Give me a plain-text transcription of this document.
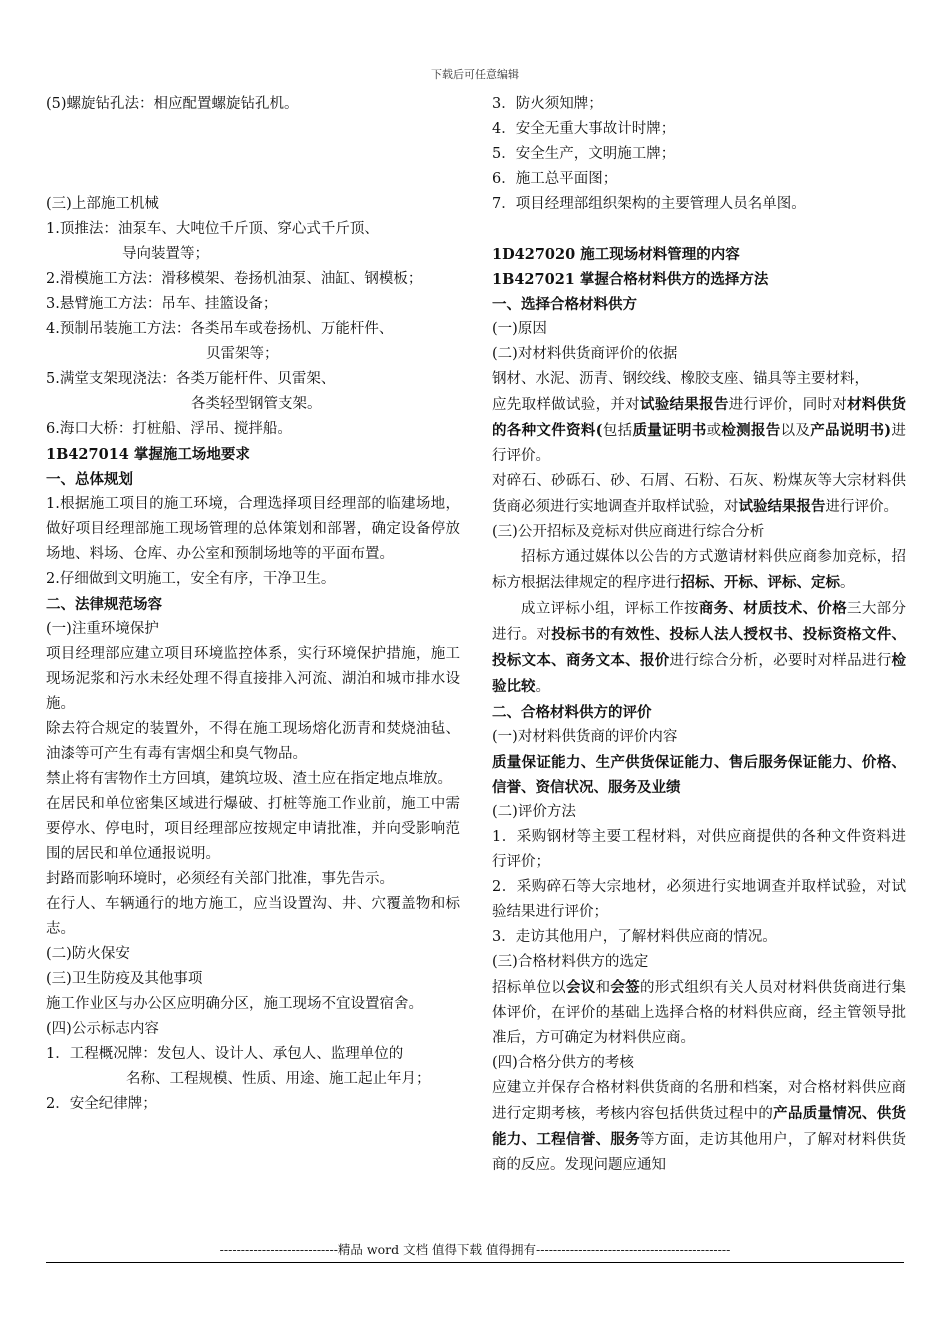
下载后可任意编辑
(5)螺旋钻孔法：相应配置螺旋钻孔机。
(三)上部施工机械
1.顶推法：油泵车、大吨位千斤顶、穿心式千斤顶、
导向装置等；
2.滑模施工方法：滑移模架、卷扬机油泵、油缸、钢模板；
3.悬臂施工方法：吊车、挂篮设备；
4.预制吊装施工方法：各类吊车或卷扬机、万能杆件、
贝雷架等；
5.满堂支架现浇法：各类万能杆件、贝雷架、
各类轻型钢管支架。
6.海口大桥：打桩船、浮吊、搅拌船。
1B427014 掌握施工场地要求
一、总体规划
1.根据施工项目的施工环境，合理选择项目经理部的临建场地，做好项目经理部施工现场管理的总体策划和部署，确定设备停放场地、料场、仓库、办公室和预制场地等的平面布置。
2.仔细做到文明施工，安全有序，干净卫生。
二、法律规范场容
(一)注重环境保护
项目经理部应建立项目环境监控体系，实行环境保护措施，施工现场泥浆和污水未经处理不得直接排入河流、湖泊和城市排水设施。
除去符合规定的装置外，不得在施工现场熔化沥青和焚烧油毡、油漆等可产生有毒有害烟尘和臭气物品。
禁止将有害物作土方回填，建筑垃圾、渣土应在指定地点堆放。
在居民和单位密集区域进行爆破、打桩等施工作业前，施工中需要停水、停电时，项目经理部应按规定申请批准，并向受影响范围的居民和单位通报说明。
封路而影响环境时，必须经有关部门批准，事先告示。
在行人、车辆通行的地方施工，应当设置沟、井、穴覆盖物和标志。
(二)防火保安
(三)卫生防疫及其他事项
施工作业区与办公区应明确分区，施工现场不宜设置宿舍。
(四)公示标志内容
1．工程概况牌：发包人、设计人、承包人、监理单位的
名称、工程规模、性质、用途、施工起止年月；
2．安全纪律牌；
3．防火须知牌；
4．安全无重大事故计时牌；
5．安全生产，文明施工牌；
6．施工总平面图；
7．项目经理部组织架构的主要管理人员名单图。
1D427020 施工现场材料管理的内容
1B427021 掌握合格材料供方的选择方法
一、选择合格材料供方
(一)原因
(二)对材料供货商评价的依据
钢材、水泥、沥青、钢绞线、橡胶支座、锚具等主要材料，
应先取样做试验，并对试验结果报告进行评价，同时对材料供货的各种文件资料(包括质量证明书或检测报告以及产品说明书)进行评价。
对碎石、砂砾石、砂、石屑、石粉、石灰、粉煤灰等大宗材料供货商必须进行实地调查并取样试验，对试验结果报告进行评价。
(三)公开招标及竞标对供应商进行综合分析
招标方通过媒体以公告的方式邀请材料供应商参加竞标，招标方根据法律规定的程序进行招标、开标、评标、定标。
成立评标小组，评标工作按商务、材质技术、价格三大部分进行。对投标书的有效性、投标人法人授权书、投标资格文件、投标文本、商务文本、报价进行综合分析，必要时对样品进行检验比较。
二、合格材料供方的评价
(一)对材料供货商的评价内容
质量保证能力、生产供货保证能力、售后服务保证能力、价格、信誉、资信状况、服务及业绩
(二)评价方法
1．采购钢材等主要工程材料，对供应商提供的各种文件资料进行评价；
2．采购碎石等大宗地材，必须进行实地调查并取样试验，对试验结果进行评价；
3．走访其他用户，了解材料供应商的情况。
(三)合格材料供方的选定
招标单位以会议和会签的形式组织有关人员对材料供货商进行集体评价，在评价的基础上选择合格的材料供应商，经主管领导批准后，方可确定为材料供应商。
(四)合格分供方的考核
应建立并保存合格材料供货商的名册和档案，对合格材料供应商进行定期考核，考核内容包括供货过程中的产品质量情况、供货能力、工程信誉、服务等方面，走访其他用户，了解对材料供货商的反应。发现问题应通知
----------------------------精品 word 文档 值得下载 值得拥有----------------------------------------------
